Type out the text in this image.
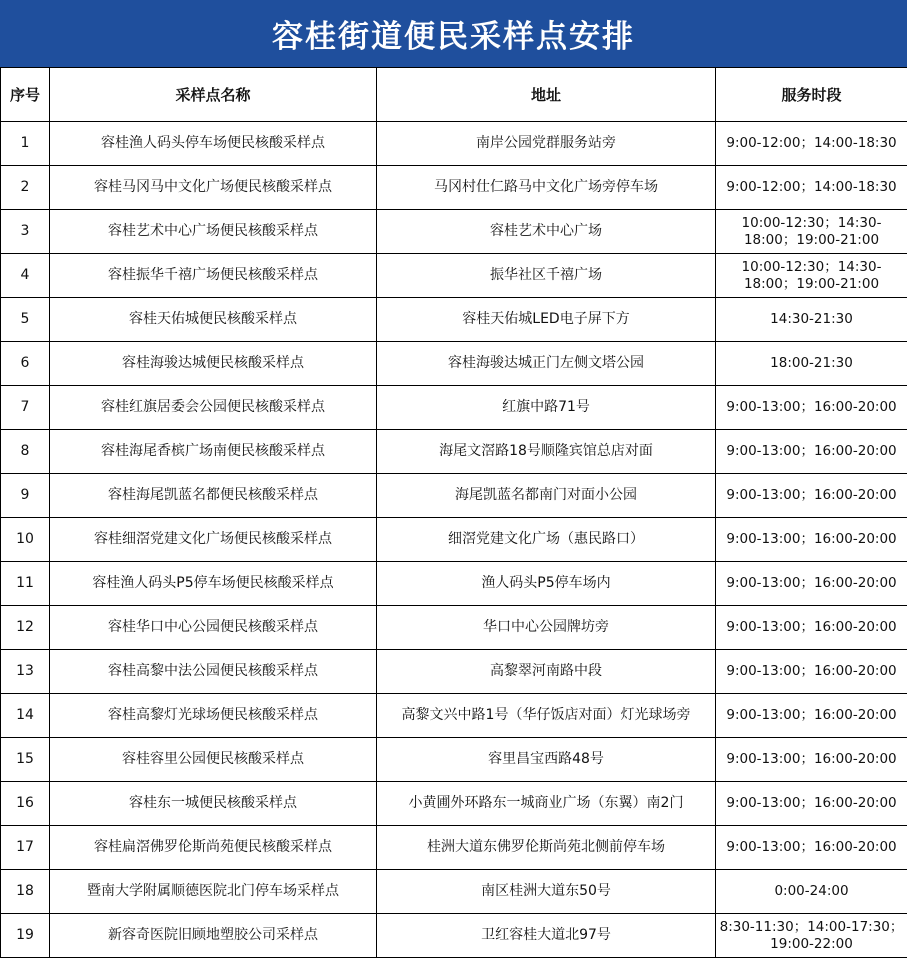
容桂街道便民采样点安排
序号	采样点名称	地址	服务时段
1	容桂渔人码头停车场便民核酸采样点	南岸公园党群服务站旁	9:00-12:00；14:00-18:30
2	容桂马冈马中文化广场便民核酸采样点	马冈村仕仁路马中文化广场旁停车场	9:00-12:00；14:00-18:30
3	容桂艺术中心广场便民核酸采样点	容桂艺术中心广场	10:00-12:30；14:30-18:00；19:00-21:00
4	容桂振华千禧广场便民核酸采样点	振华社区千禧广场	10:00-12:30；14:30-18:00；19:00-21:00
5	容桂天佑城便民核酸采样点	容桂天佑城LED电子屏下方	14:30-21:30
6	容桂海骏达城便民核酸采样点	容桂海骏达城正门左侧文塔公园	18:00-21:30
7	容桂红旗居委会公园便民核酸采样点	红旗中路71号	9:00-13:00；16:00-20:00
8	容桂海尾香槟广场南便民核酸采样点	海尾文滘路18号顺隆宾馆总店对面	9:00-13:00；16:00-20:00
9	容桂海尾凯蓝名都便民核酸采样点	海尾凯蓝名都南门对面小公园	9:00-13:00；16:00-20:00
10	容桂细滘党建文化广场便民核酸采样点	细滘党建文化广场（惠民路口）	9:00-13:00；16:00-20:00
11	容桂渔人码头P5停车场便民核酸采样点	渔人码头P5停车场内	9:00-13:00；16:00-20:00
12	容桂华口中心公园便民核酸采样点	华口中心公园牌坊旁	9:00-13:00；16:00-20:00
13	容桂高黎中法公园便民核酸采样点	高黎翠河南路中段	9:00-13:00；16:00-20:00
14	容桂高黎灯光球场便民核酸采样点	高黎文兴中路1号（华仔饭店对面）灯光球场旁	9:00-13:00；16:00-20:00
15	容桂容里公园便民核酸采样点	容里昌宝西路48号	9:00-13:00；16:00-20:00
16	容桂东一城便民核酸采样点	小黄圃外环路东一城商业广场（东翼）南2门	9:00-13:00；16:00-20:00
17	容桂扁滘佛罗伦斯尚苑便民核酸采样点	桂洲大道东佛罗伦斯尚苑北侧前停车场	9:00-13:00；16:00-20:00
18	暨南大学附属顺德医院北门停车场采样点	南区桂洲大道东50号	0:00-24:00
19	新容奇医院旧顾地塑胶公司采样点	卫红容桂大道北97号	8:30-11:30；14:00-17:30；19:00-22:00
